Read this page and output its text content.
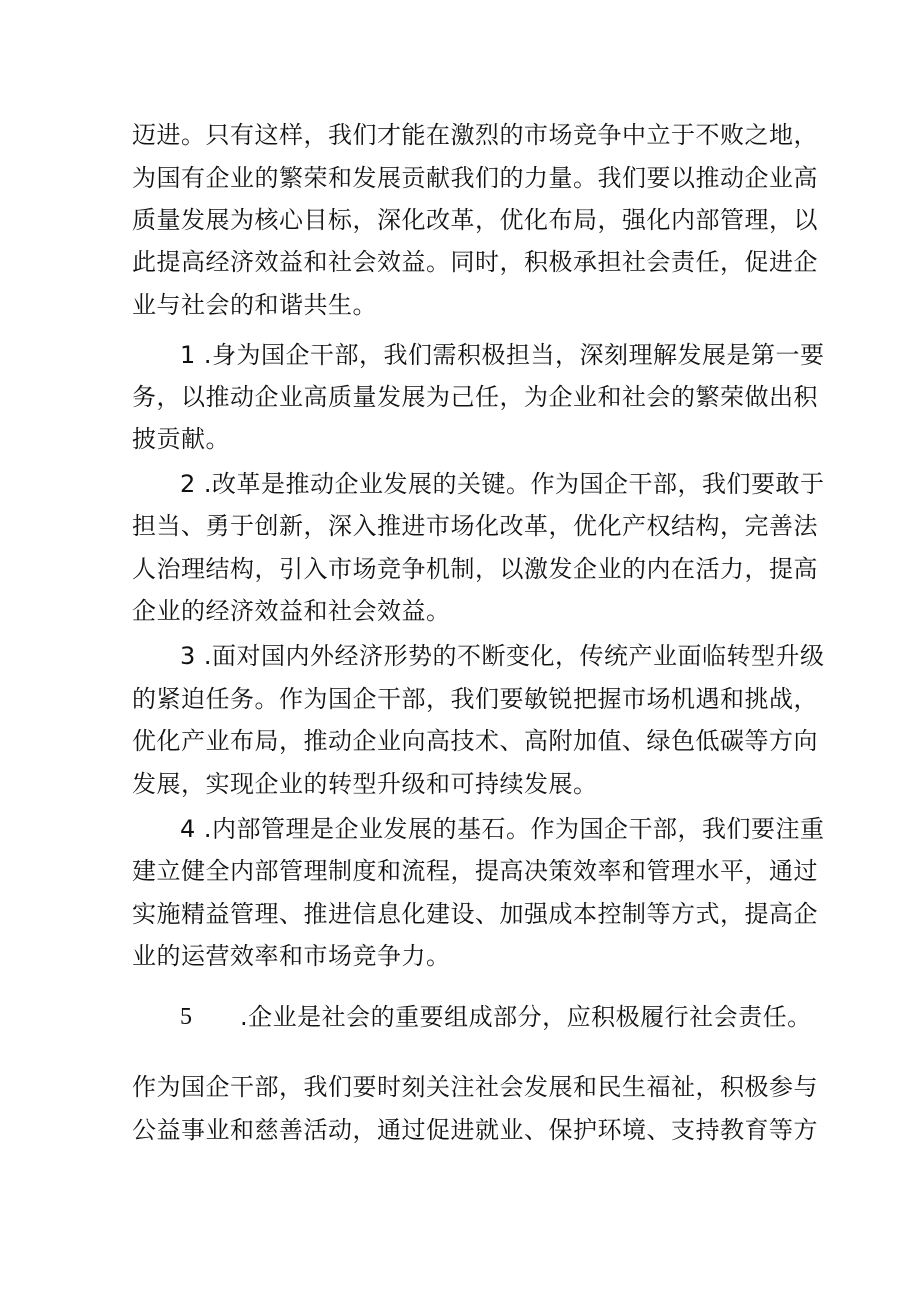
迈进。只有这样，我们才能在激烈的市场竞争中立于不败之地，
为国有企业的繁荣和发展贡献我们的力量。我们要以推动企业高
质量发展为核心目标，深化改革，优化布局，强化内部管理，以
此提高经济效益和社会效益。同时，积极承担社会责任，促进企
业与社会的和谐共生。
1 .身为国企干部，我们需积极担当，深刻理解发展是第一要
务，以推动企业高质量发展为己任，为企业和社会的繁荣做出积
披贡献。
2 .改革是推动企业发展的关键。作为国企干部，我们要敢于
担当、勇于创新，深入推进市场化改革，优化产权结构，完善法
人治理结构，引入市场竞争机制，以激发企业的内在活力，提高
企业的经济效益和社会效益。
3 .面对国内外经济形势的不断变化，传统产业面临转型升级
的紧迫任务。作为国企干部，我们要敏锐把握市场机遇和挑战，
优化产业布局，推动企业向高技术、高附加值、绿色低碳等方向
发展，实现企业的转型升级和可持续发展。
4 .内部管理是企业发展的基石。作为国企干部，我们要注重
建立健全内部管理制度和流程，提高决策效率和管理水平，通过
实施精益管理、推进信息化建设、加强成本控制等方式，提高企
业的运营效率和市场竞争力。
5 .企业是社会的重要组成部分，应积极履行社会责任。
作为国企干部，我们要时刻关注社会发展和民生福祉，积极参与
公益事业和慈善活动，通过促进就业、保护环境、支持教育等方
